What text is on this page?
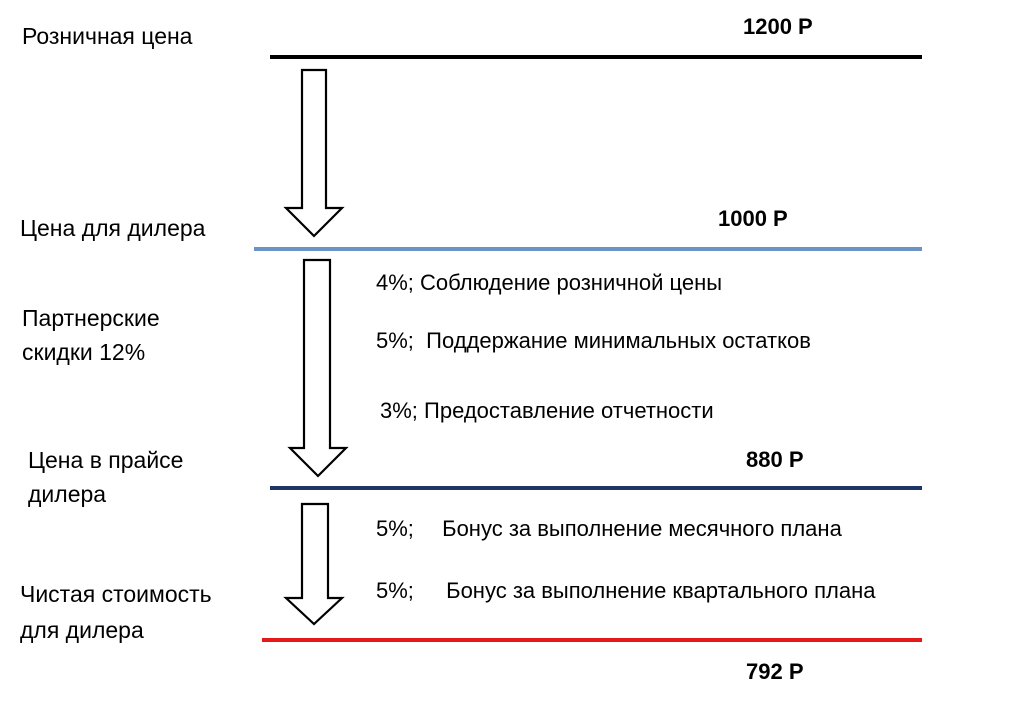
Розничная цена
Цена для дилера
Партнерские
скидки 12%
Цена в прайсе
дилера
Чистая стоимость
для дилера
1200 Р
1000 Р
880 Р
792 Р
4%; Соблюдение розничной цены
5%; Поддержание минимальных остатков
3%; Предоставление отчетности
5%; Бонус за выполнение месячного плана
5%; Бонус за выполнение квартального плана
